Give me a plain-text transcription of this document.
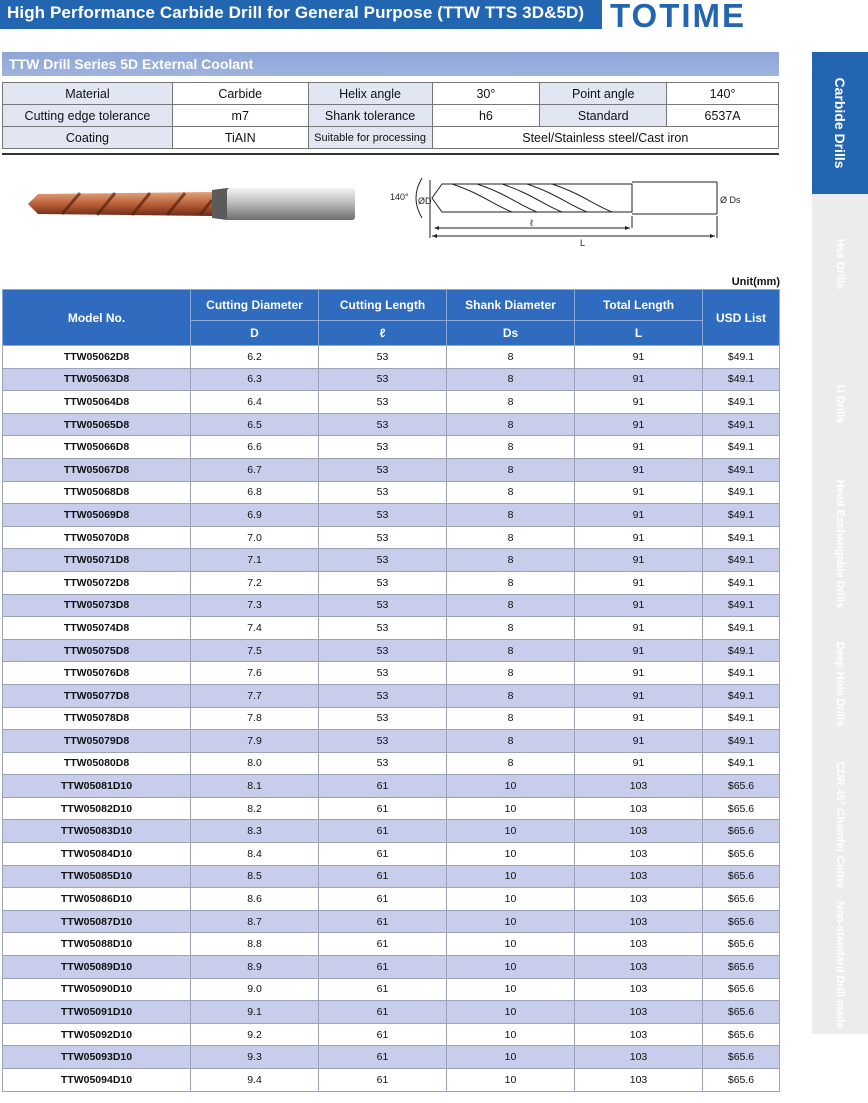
High Performance Carbide Drill for General Purpose (TTW TTS 3D&5D) TOTIME
TTW Drill Series 5D External Coolant
Material	Carbide	Helix angle	30°	Point angle	140°
Cutting edge tolerance	m7	Shank tolerance	h6	Standard	6537A
Coating	TiAIN	Suitable for processing	Steel/Stainless steel/Cast iron		
140° ØD	Ø Ds
ℓ
L
Unit(mm)
Model No.	Cutting Diameter	Cutting Length	Shank Diameter	Total Length	USD List
	D	ℓ	Ds	L	
TTW05062D8	6.2	53	8	91	$49.1
TTW05063D8	6.3	53	8	91	$49.1
TTW05064D8	6.4	53	8	91	$49.1
TTW05065D8	6.5	53	8	91	$49.1
TTW05066D8	6.6	53	8	91	$49.1
TTW05067D8	6.7	53	8	91	$49.1
TTW05068D8	6.8	53	8	91	$49.1
TTW05069D8	6.9	53	8	91	$49.1
TTW05070D8	7.0	53	8	91	$49.1
TTW05071D8	7.1	53	8	91	$49.1
TTW05072D8	7.2	53	8	91	$49.1
TTW05073D8	7.3	53	8	91	$49.1
TTW05074D8	7.4	53	8	91	$49.1
TTW05075D8	7.5	53	8	91	$49.1
TTW05076D8	7.6	53	8	91	$49.1
TTW05077D8	7.7	53	8	91	$49.1
TTW05078D8	7.8	53	8	91	$49.1
TTW05079D8	7.9	53	8	91	$49.1
TTW05080D8	8.0	53	8	91	$49.1
TTW05081D10	8.1	61	10	103	$65.6
TTW05082D10	8.2	61	10	103	$65.6
TTW05083D10	8.3	61	10	103	$65.6
TTW05084D10	8.4	61	10	103	$65.6
TTW05085D10	8.5	61	10	103	$65.6
TTW05086D10	8.6	61	10	103	$65.6
TTW05087D10	8.7	61	10	103	$65.6
TTW05088D10	8.8	61	10	103	$65.6
TTW05089D10	8.9	61	10	103	$65.6
TTW05090D10	9.0	61	10	103	$65.6
TTW05091D10	9.1	61	10	103	$65.6
TTW05092D10	9.2	61	10	103	$65.6
TTW05093D10	9.3	61	10	103	$65.6
TTW05094D10	9.4	61	10	103	$65.6
Carbide Drills
Hss Drills
U Drills
Head Exchangable Drills
Deep Hole Drills
CDR 45° Chamfer Cutter
Non-standard Drill made
